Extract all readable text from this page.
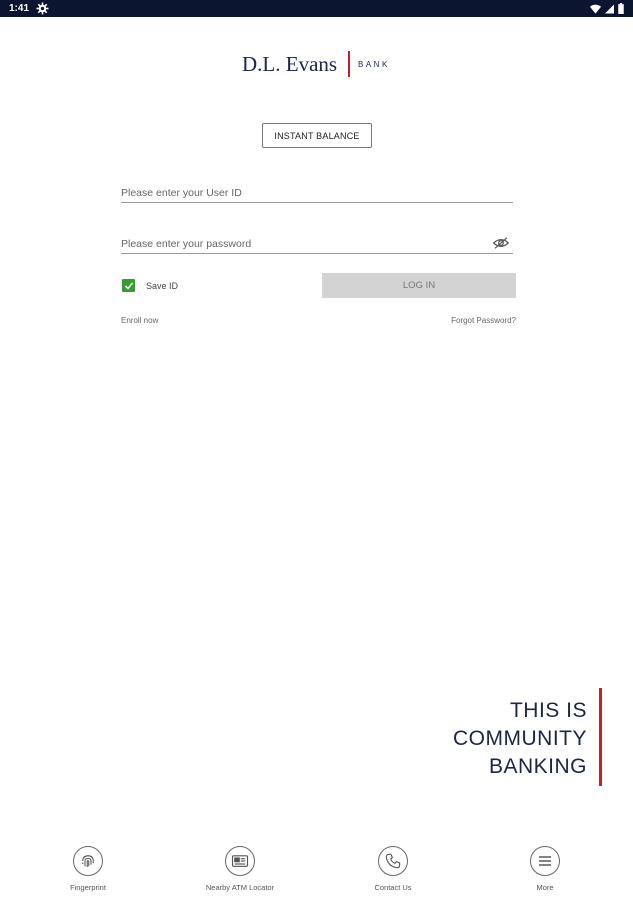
1:41
D.L. Evans	BANK
INSTANT BALANCE
Please enter your User ID
Save ID	LOG IN
Enroll now	Forgot Password?
THIS IS
COMMUNITY
BANKING
Fingerprint	Nearby ATM Locator	Contact Us	More
